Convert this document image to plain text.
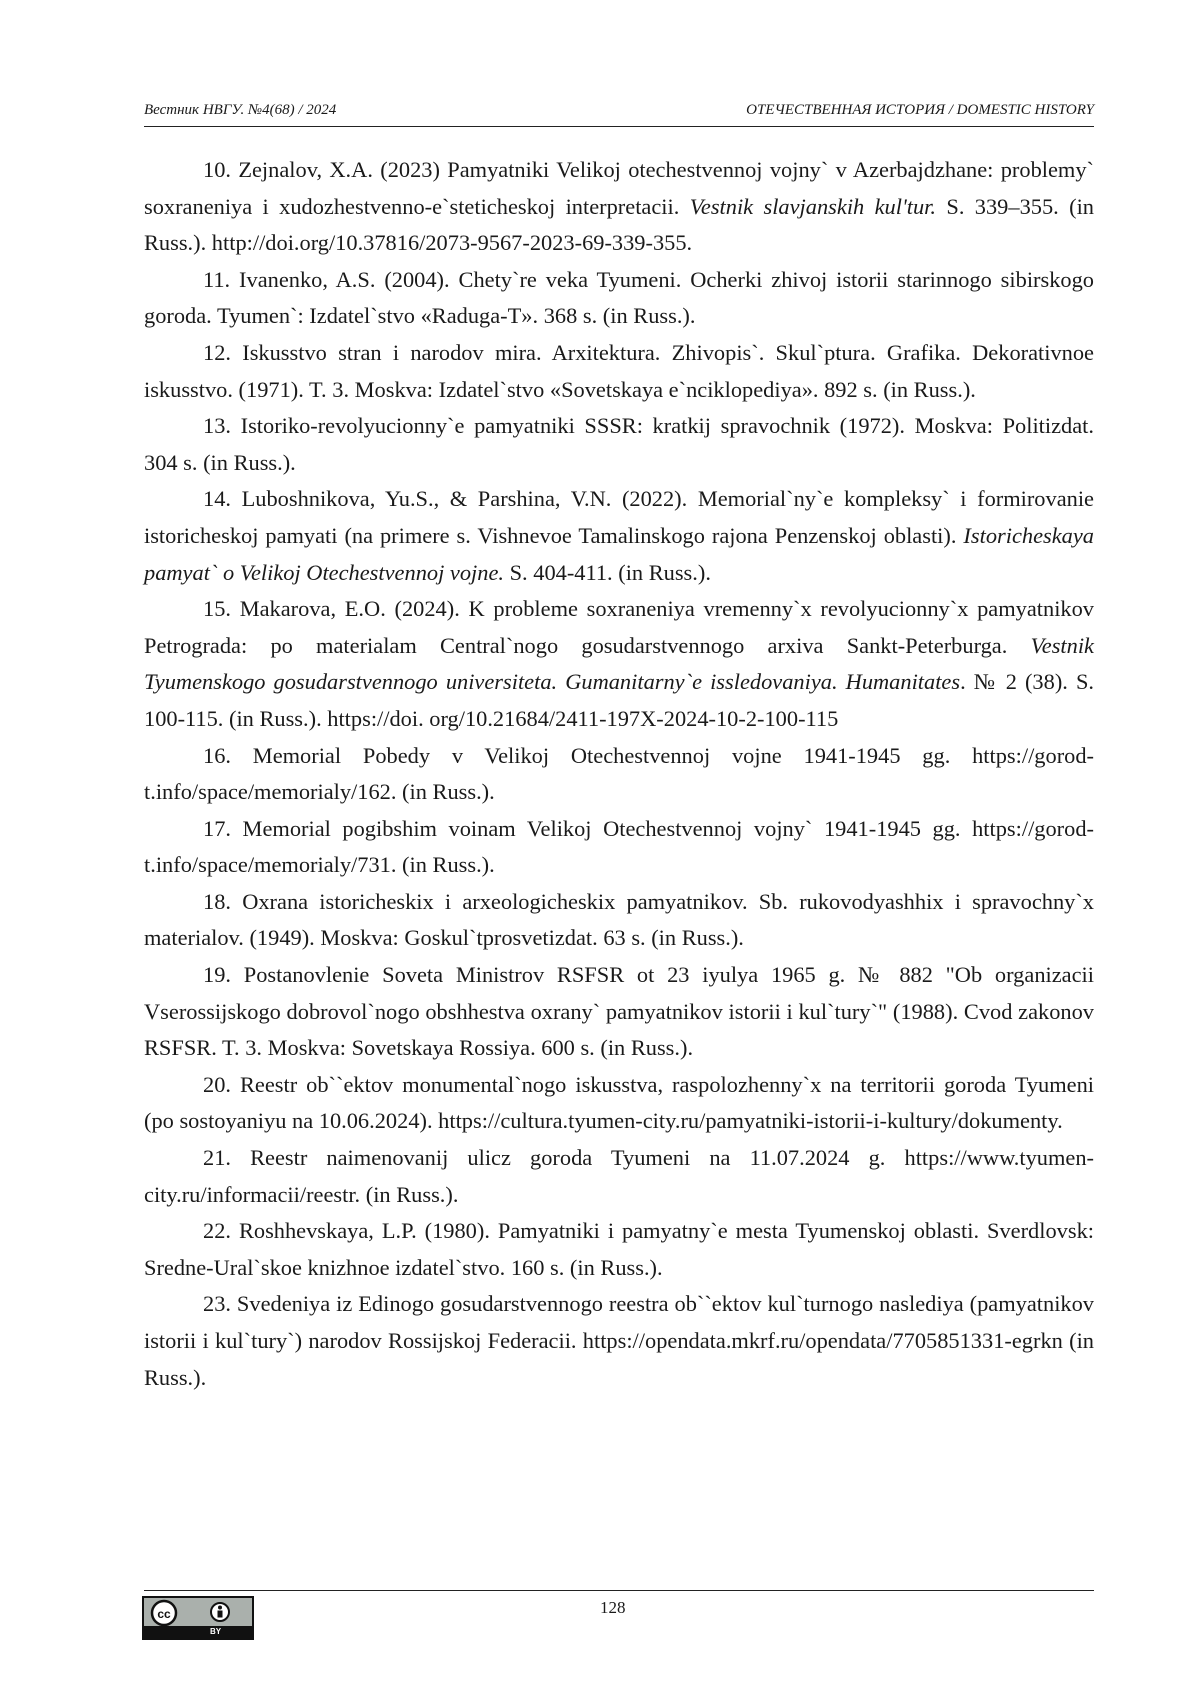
Вестник НВГУ. №4(68) / 2024	ОТЕЧЕСТВЕННАЯ ИСТОРИЯ / DOMESTIC HISTORY

10. Zejnalov, X.A. (2023) Pamyatniki Velikoj otechestvennoj vojny` v Azerbajdzhane: problemy` soxraneniya i xudozhestvenno-e`steticheskoj interpretacii. Vestnik slavjanskih kul'tur. S. 339–355. (in Russ.). http://doi.org/10.37816/2073-9567-2023-69-339-355.

11. Ivanenko, A.S. (2004). Chety`re veka Tyumeni. Ocherki zhivoj istorii starinnogo sibirskogo goroda. Tyumen`: Izdatel`stvo «Raduga-T». 368 s. (in Russ.).

12. Iskusstvo stran i narodov mira. Arxitektura. Zhivopis`. Skul`ptura. Grafika. Dekorativnoe iskusstvo. (1971). T. 3. Moskva: Izdatel`stvo «Sovetskaya e`nciklopediya». 892 s. (in Russ.).

13. Istoriko-revolyucionny`e pamyatniki SSSR: kratkij spravochnik (1972). Moskva: Politizdat. 304 s. (in Russ.).

14. Luboshnikova, Yu.S., & Parshina, V.N. (2022). Memorial`ny`e kompleksy` i formirovanie istoricheskoj pamyati (na primere s. Vishnevoe Tamalinskogo rajona Penzenskoj oblasti). Istoricheskaya pamyat` o Velikoj Otechestvennoj vojne. S. 404-411. (in Russ.).

15. Makarova, E.O. (2024). K probleme soxraneniya vremenny`x revolyucionny`x pamyatnikov Petrograda: po materialam Central`nogo gosudarstvennogo arxiva Sankt-Peterburga. Vestnik Tyumenskogo gosudarstvennogo universiteta. Gumanitarny`e issledovaniya. Humanitates. № 2 (38). S. 100-115. (in Russ.). https://doi. org/10.21684/2411-197X-2024-10-2-100-115

16. Memorial Pobedy v Velikoj Otechestvennoj vojne 1941-1945 gg. https://gorod-t.info/space/memorialy/162. (in Russ.).

17. Memorial pogibshim voinam Velikoj Otechestvennoj vojny` 1941-1945 gg. https://gorod-t.info/space/memorialy/731. (in Russ.).

18. Oxrana istoricheskix i arxeologicheskix pamyatnikov. Sb. rukovodyashhix i spravochny`x materialov. (1949). Moskva: Goskul`tprosvetizdat. 63 s. (in Russ.).

19. Postanovlenie Soveta Ministrov RSFSR ot 23 iyulya 1965 g. № 882 "Ob organizacii Vserossijskogo dobrovol`nogo obshhestva oxrany` pamyatnikov istorii i kul`tury`" (1988). Cvod zakonov RSFSR. T. 3. Moskva: Sovetskaya Rossiya. 600 s. (in Russ.).

20. Reestr ob``ektov monumental`nogo iskusstva, raspolozhenny`x na territorii goroda Tyumeni (po sostoyaniyu na 10.06.2024). https://cultura.tyumen-city.ru/pamyatniki-istorii-i-kultury/dokumenty.

21. Reestr naimenovanij ulicz goroda Tyumeni na 11.07.2024 g. https://www.tyumen-city.ru/informacii/reestr. (in Russ.).

22. Roshhevskaya, L.P. (1980). Pamyatniki i pamyatny`e mesta Tyumenskoj oblasti. Sverdlovsk: Sredne-Ural`skoe knizhnoe izdatel`stvo. 160 s. (in Russ.).

23. Svedeniya iz Edinogo gosudarstvennogo reestra ob``ektov kul`turnogo naslediya (pamyatnikov istorii i kul`tury`) narodov Rossijskoj Federacii. https://opendata.mkrf.ru/opendata/7705851331-egrkn (in Russ.).

cc
BY
128
